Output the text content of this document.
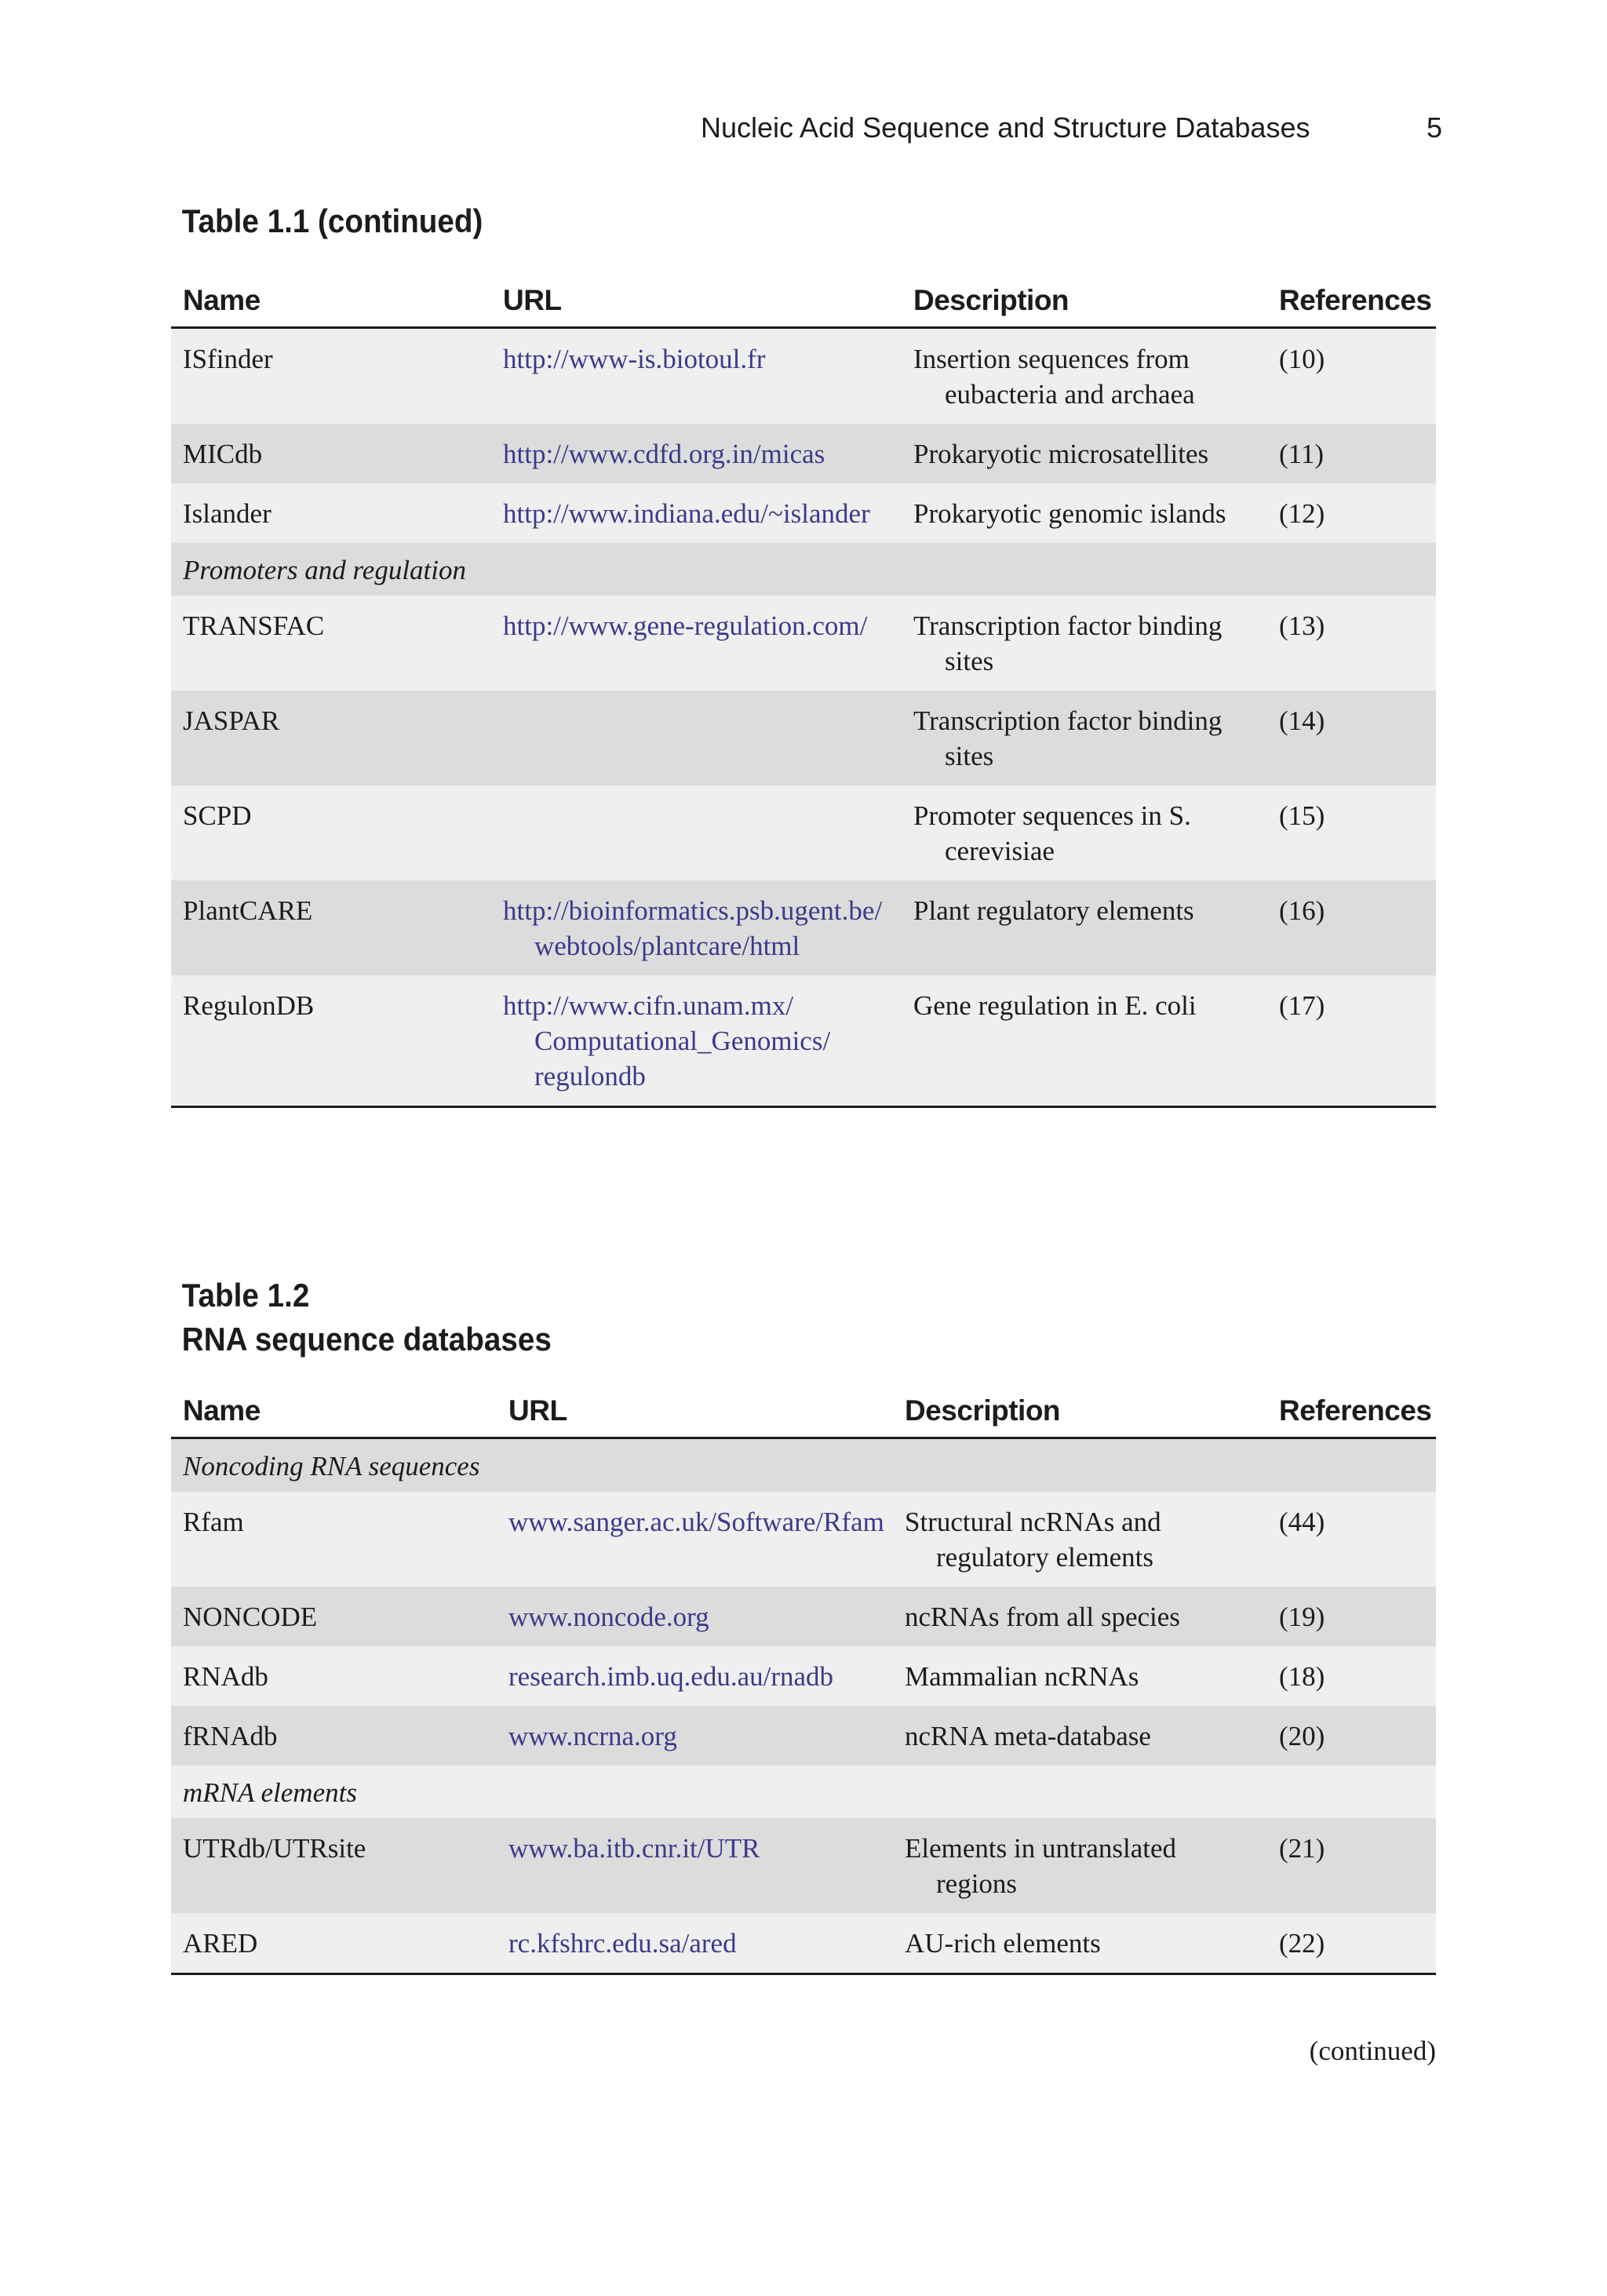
Nucleic Acid Sequence and Structure Databases	5
Table 1.1 (continued)
Name	URL	Description	References

ISfinder	http://www-is.biotoul.fr	Insertion sequences from eubacteria and archaea	(10)

MICdb	http://www.cdfd.org.in/micas	Prokaryotic microsatellites	(11)

Islander	http://www.indiana.edu/~islander	Prokaryotic genomic islands	(12)

Promoters and regulation			

TRANSFAC	http://www.gene-regulation.com/	Transcription factor binding sites	(13)

JASPAR		Transcription factor binding sites	(14)

SCPD		Promoter sequences in S. cerevisiae	(15)

PlantCARE	http://bioinformatics.psb.ugent.be/webtools/plantcare/html	Plant regulatory elements	(16)

RegulonDB	http://www.cifn.unam.mx/Computational_Genomics/regulondb	Gene regulation in E. coli	(17)
Table 1.2
RNA sequence databases
Name	URL	Description	References
Noncoding RNA sequences			

Rfam	www.sanger.ac.uk/Software/Rfam	Structural ncRNAs and regulatory elements	(44)

NONCODE	www.noncode.org	ncRNAs from all species	(19)

RNAdb	research.imb.uq.edu.au/rnadb	Mammalian ncRNAs	(18)

fRNAdb	www.ncrna.org	ncRNA meta-database	(20)

mRNA elements			

UTRdb/UTRsite	www.ba.itb.cnr.it/UTR	Elements in untranslated regions	(21)

ARED	rc.kfshrc.edu.sa/ared	AU-rich elements	(22)
(continued)
